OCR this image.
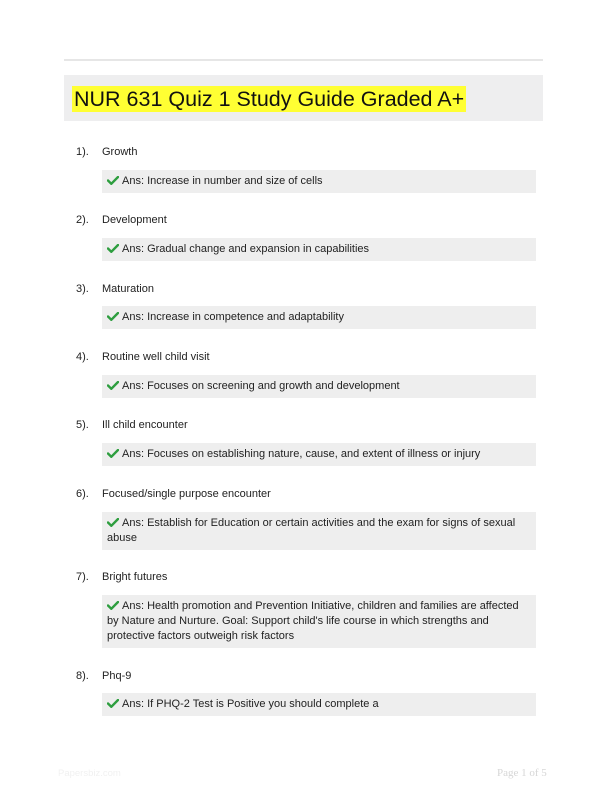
NUR 631 Quiz 1 Study Guide Graded A+
1). Growth
Ans: Increase in number and size of cells
2). Development
Ans: Gradual change and expansion in capabilities
3). Maturation
Ans: Increase in competence and adaptability
4). Routine well child visit
Ans: Focuses on screening and growth and development
5). Ill child encounter
Ans: Focuses on establishing nature, cause, and extent of illness or injury
6). Focused/single purpose encounter
Ans: Establish for Education or certain activities and the exam for signs of sexual abuse
7). Bright futures
Ans: Health promotion and Prevention Initiative, children and families are affected by Nature and Nurture. Goal: Support child's life course in which strengths and protective factors outweigh risk factors
8). Phq-9
Ans: If PHQ-2 Test is Positive you should complete a
Papersbiz.com	Page 1 of 5
